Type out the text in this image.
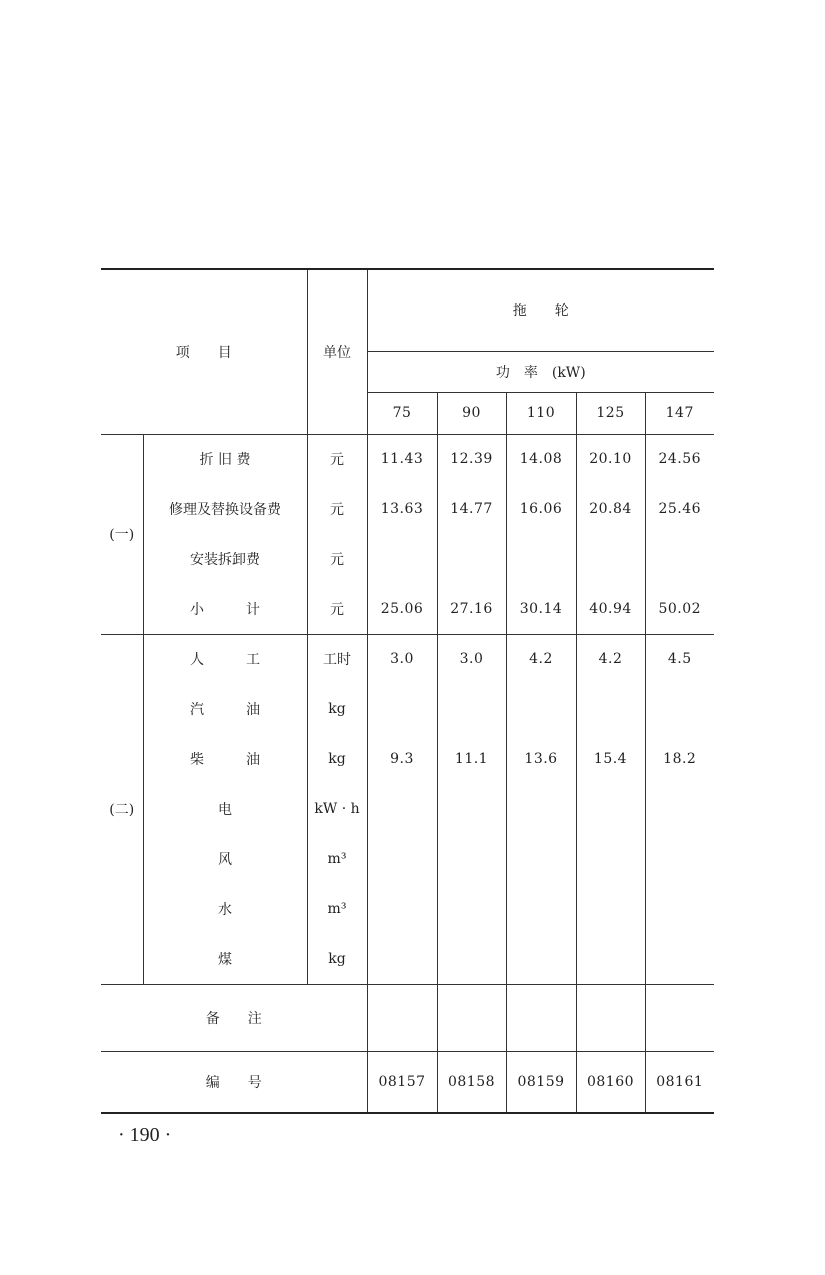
项　　目		单位	拖　　轮				
			功　率　(kW)				
			75	90	110	125	147
(一)	折 旧 费	元	11.43	12.39	14.08	20.10	24.56
	修理及替换设备费	元	13.63	14.77	16.06	20.84	25.46
	安装拆卸费	元					
	小　　　计	元	25.06	27.16	30.14	40.94	50.02
(二)	人　　　工	工时	3.0	3.0	4.2	4.2	4.5
	汽　　　油	kg					
	柴　　　油	kg	9.3	11.1	13.6	15.4	18.2
	电	kW · h					
	风	m³					
	水	m³					
	煤	kg					
备　　注							
编　　号			08157	08158	08159	08160	08161
· 190 ·
